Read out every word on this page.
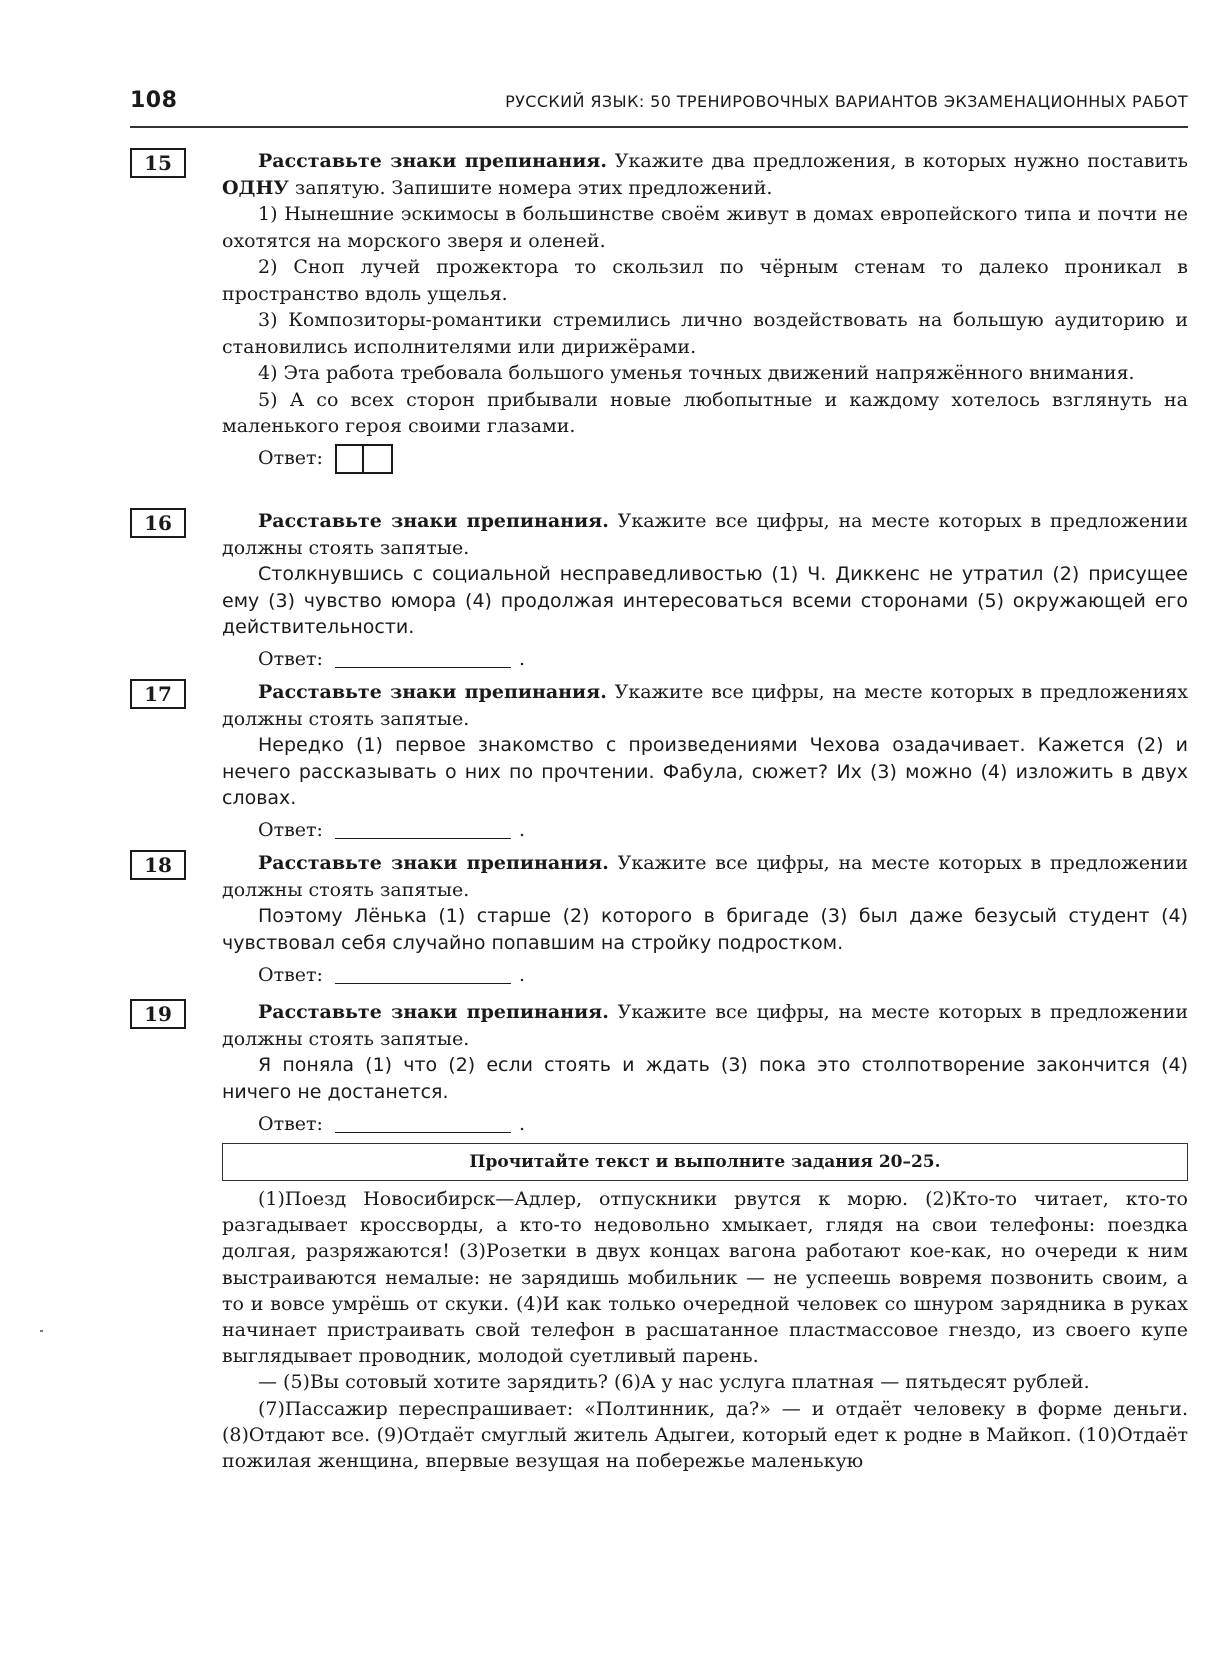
108	РУССКИЙ ЯЗЫК: 50 ТРЕНИРОВОЧНЫХ ВАРИАНТОВ ЭКЗАМЕНАЦИОННЫХ РАБОТ
15	Расставьте знаки препинания. Укажите два предложения, в которых нужно поставить ОДНУ запятую. Запишите номера этих предложений.

1) Нынешние эскимосы в большинстве своём живут в домах европейского типа и почти не охотятся на морского зверя и оленей.

2) Сноп лучей прожектора то скользил по чёрным стенам то далеко проникал в пространство вдоль ущелья.

3) Композиторы-романтики стремились лично воздействовать на большую аудиторию и становились исполнителями или дирижёрами.

4) Эта работа требовала большого уменья точных движений напряжённого внимания.

5) А со всех сторон прибывали новые любопытные и каждому хотелось взглянуть на маленького героя своими глазами.

Ответ:
16	Расставьте знаки препинания. Укажите все цифры, на месте которых в предложении должны стоять запятые.

Столкнувшись с социальной несправедливостью (1) Ч. Диккенс не утратил (2) присущее ему (3) чувство юмора (4) продолжая интересоваться всеми сторонами (5) окружающей его действительности.

Ответ:	.
17	Расставьте знаки препинания. Укажите все цифры, на месте которых в предложениях должны стоять запятые.

Нередко (1) первое знакомство с произведениями Чехова озадачивает. Кажется (2) и нечего рассказывать о них по прочтении. Фабула, сюжет? Их (3) можно (4) изложить в двух словах.

Ответ:	.
18	Расставьте знаки препинания. Укажите все цифры, на месте которых в предложении должны стоять запятые.

Поэтому Лёнька (1) старше (2) которого в бригаде (3) был даже безусый студент (4) чувствовал себя случайно попавшим на стройку подростком.

Ответ:	.
19	Расставьте знаки препинания. Укажите все цифры, на месте которых в предложении должны стоять запятые.

Я поняла (1) что (2) если стоять и ждать (3) пока это столпотворение закончится (4) ничего не достанется.

Ответ:	.
Прочитайте текст и выполните задания 20–25.

(1)Поезд Новосибирск—Адлер, отпускники рвутся к морю. (2)Кто-то читает, кто-то разгадывает кроссворды, а кто-то недовольно хмыкает, глядя на свои телефоны: поездка долгая, разряжаются! (3)Розетки в двух концах вагона работают кое-как, но очереди к ним выстраиваются немалые: не зарядишь мобильник — не успеешь вовремя позвонить своим, а то и вовсе умрёшь от скуки. (4)И как только очередной человек со шнуром зарядника в руках начинает пристраивать свой телефон в расшатанное пластмассовое гнездо, из своего купе выглядывает проводник, молодой суетливый парень.

— (5)Вы сотовый хотите зарядить? (6)А у нас услуга платная — пятьдесят рублей.

(7)Пассажир переспрашивает: «Полтинник, да?» — и отдаёт человеку в форме деньги. (8)Отдают все. (9)Отдаёт смуглый житель Адыгеи, который едет к родне в Майкоп. (10)Отдаёт пожилая женщина, впервые везущая на побережье маленькую
